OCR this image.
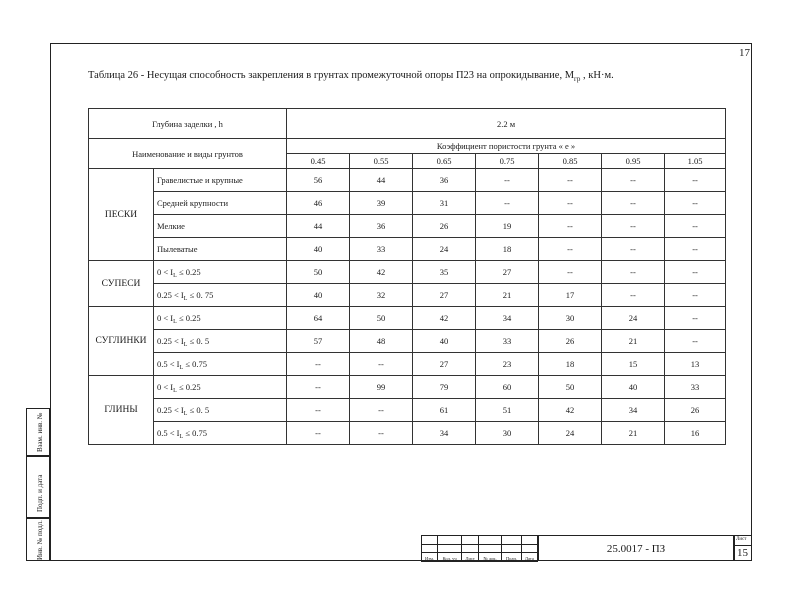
17
Таблица 26 - Несущая способность закрепления в грунтах промежуточной опоры П23 на опрокидывание, $М_{гр}$ , кН·м.
Глубина заделки , h		2.2 м						
Наименование и виды грунтов		Коэффициент пористости грунта « е »						
		0.45	0.55	0.65	0.75	0.85	0.95	1.05
ПЕСКИ	Гравелистые и крупные	56	44	36	--	--	--	--
	Средней крупности	46	39	31	--	--	--	--
	Мелкие	44	36	26	19	--	--	--
	Пылеватые	40	33	24	18	--	--	--
СУПЕСИ	$0 < I_L \le 0.25$	50	42	35	27	--	--	--
	$0.25 < I_L \le 0$. 75	40	32	27	21	17	--	--
СУГЛИНКИ	$0 < I_L \le 0.25$	64	50	42	34	30	24	--
	$0.25 < I_L \le 0$. 5	57	48	40	33	26	21	--
	$0.5 < I_L \le 0.75$	--	--	27	23	18	15	13
ГЛИНЫ	$0 < I_L \le 0.25$	--	99	79	60	50	40	33
	$0.25 < I_L \le 0$. 5	--	--	61	51	42	34	26
	$0.5 < I_L \le 0.75$	--	--	34	30	24	21	16
Взам. инв. №
Подп. и дата
Инв. № подл.

						Изм.	Кол. уч	Лист	№ док.	Подп.	Дата
25.0017 - ПЗ
Лист
15
